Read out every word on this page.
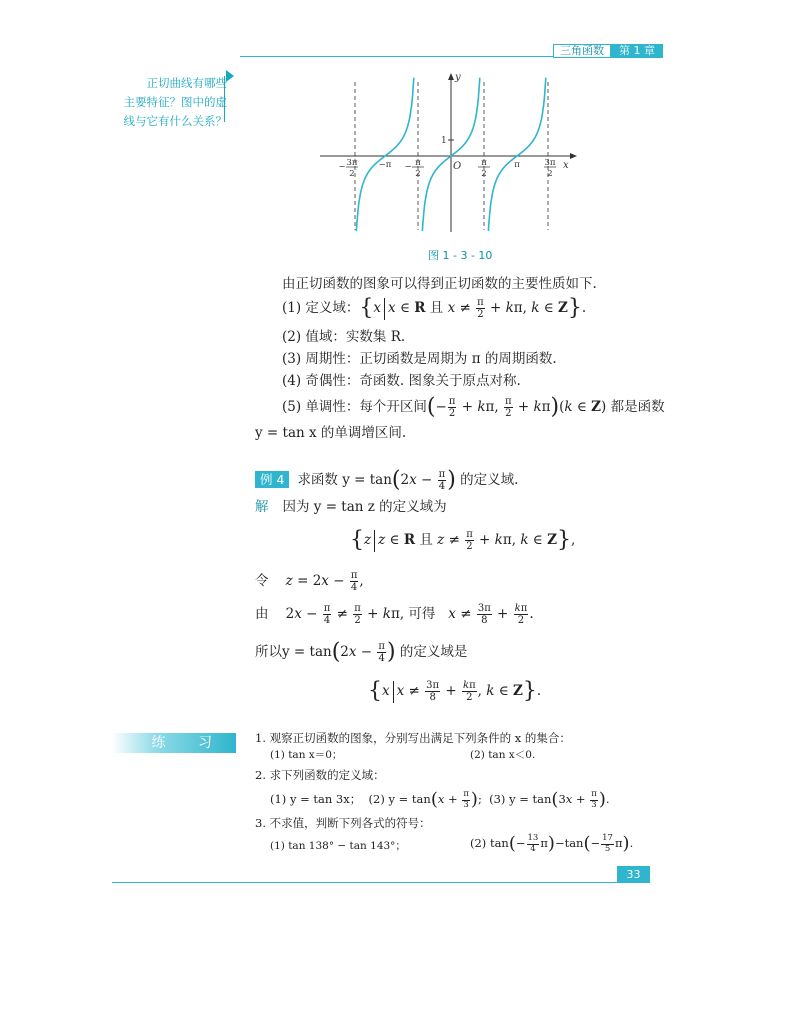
三角函数	第 1 章
正切曲线有哪些
主要特征？图中的虚
线与它有什么关系？
x
y
O
1
3π
2
−	−π	π
2
−	π
2
π	3π
2
图 1 - 3 - 10
由正切函数的图象可以得到正切函数的主要性质如下.
(1) 定义域：{x x ∈ R 且 $x \ne \frac{\pi}{2} + k\pi$, k ∈ Z}.
(2) 值域：实数集 R.
(3) 周期性：正切函数是周期为 π 的周期函数.
(4) 奇偶性：奇函数. 图象关于原点对称.
(5) 单调性：每个开区间(− $\frac{\pi}{2} + k\pi$, $\frac{\pi}{2} + k\pi)(k$ ∈ Z) 都是函数
y = tan x 的单调增区间.
例 4 求函数 $y = \tan(2x - \frac{\pi}{4}$ ) 的定义域.
解 因为 y = tan z 的定义域为
{z z ∈ R 且 $z \ne \frac{\pi}{2} + k\pi$, k ∈ Z},
令 $z = 2x - \frac{\pi}{4}$ ,
由    $2x - \frac{\pi}{4} \ne \frac{\pi}{2} + k\pi$, 可得 $x \ne \frac{3\pi}{8} + \frac{k\pi}{2}$ .
所以$y = \tan(2x - \frac{\pi}{4}$ ) 的定义域是
{x $x \ne \frac{3\pi}{8} + \frac{k\pi}{2}$ , k ∈ Z}.
练 习	1. 观察正切函数的图象，分别写出满足下列条件的 x 的集合：
(1) tan x＝0；	(2) tan x＜0.
2. 求下列函数的定义域：
(1) y = tan 3x； (2) $y = \tan(x + \frac{\pi}{3}$ );  (3) $y = \tan(3x + \frac{\pi}{3}$ ).
3. 不求值，判断下列各式的符号：
(1) tan 138° − tan 143°；	(2) $\tan(- \frac{13}{4} \pi)-\tan(- \frac{17}{5} \pi)$.
33
